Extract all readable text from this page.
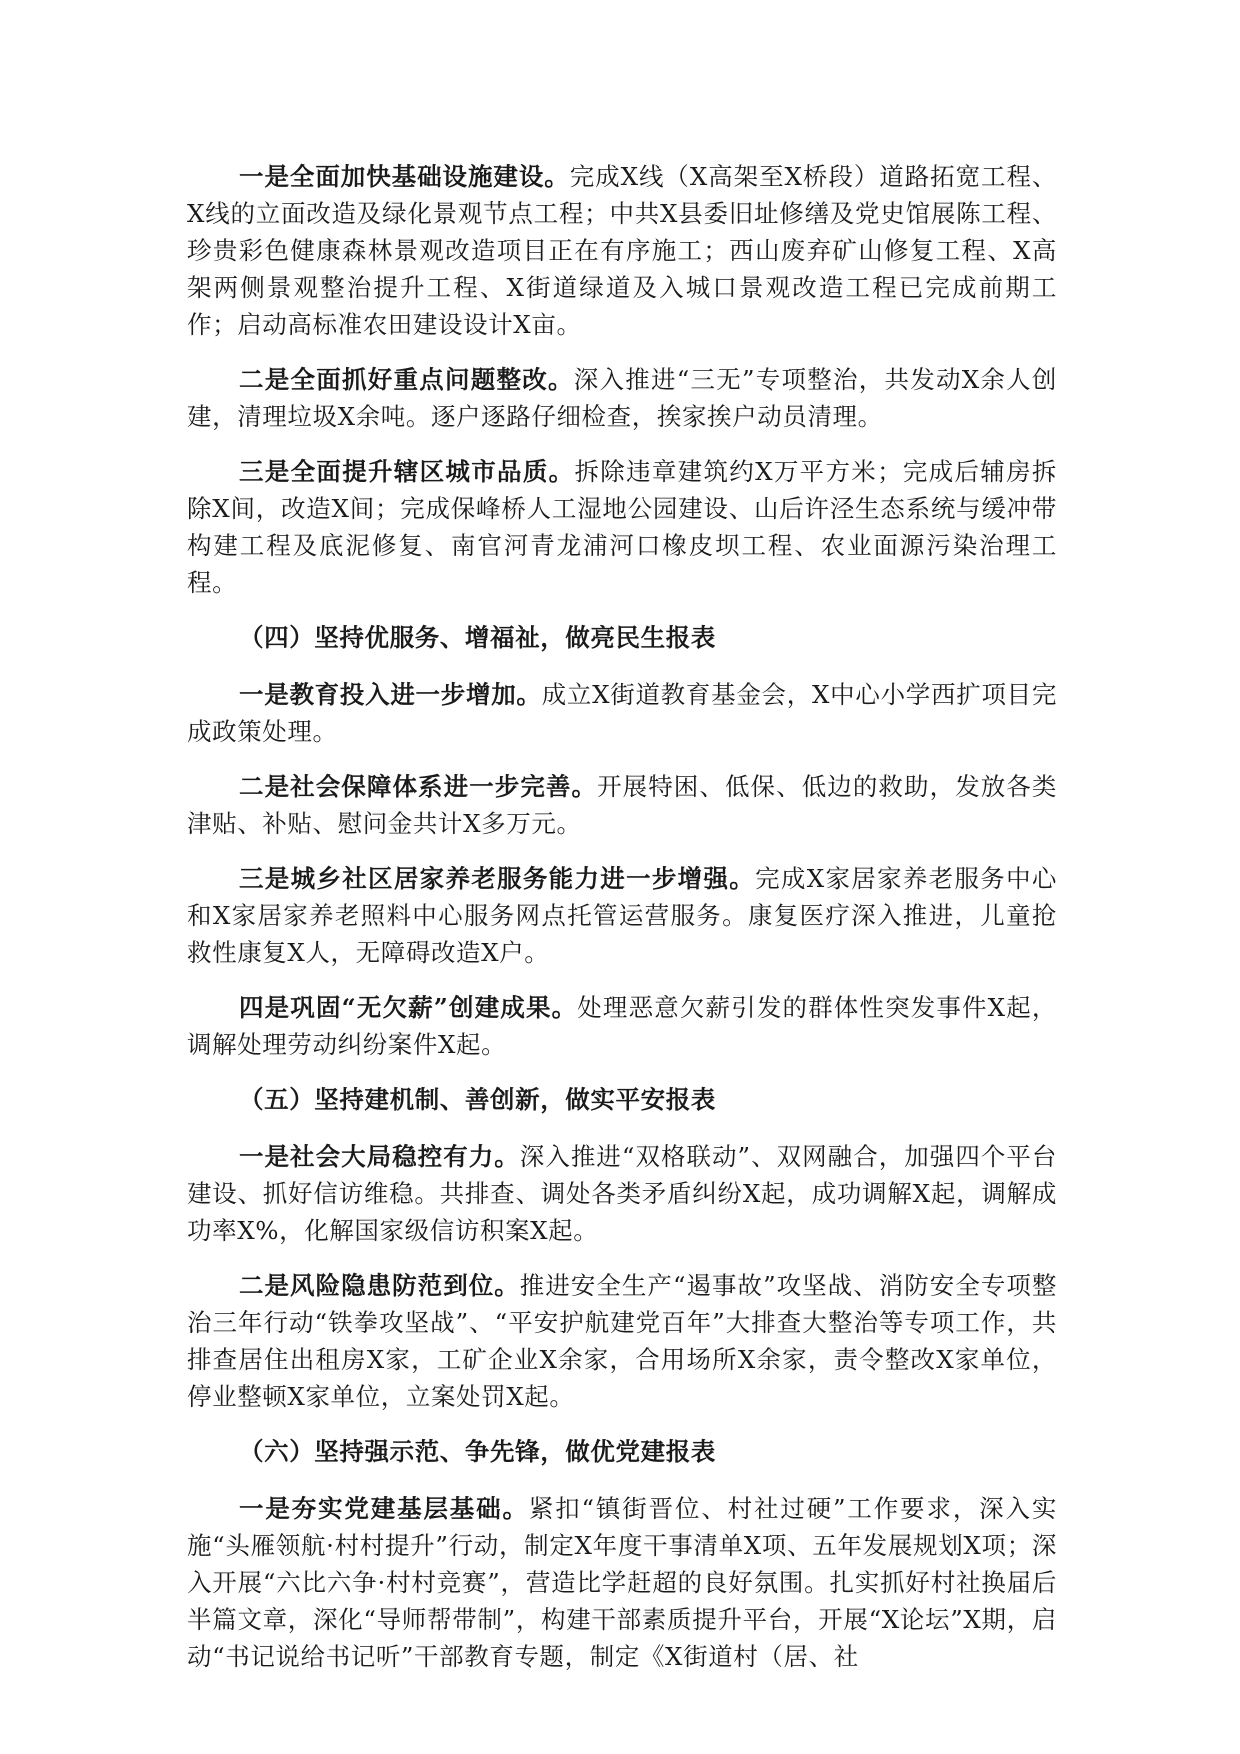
一是全面加快基础设施建设。完成X线（X高架至X桥段）道路拓宽工程、X线的立面改造及绿化景观节点工程；中共X县委旧址修缮及党史馆展陈工程、珍贵彩色健康森林景观改造项目正在有序施工；西山废弃矿山修复工程、X高架两侧景观整治提升工程、X街道绿道及入城口景观改造工程已完成前期工作；启动高标准农田建设设计X亩。

二是全面抓好重点问题整改。深入推进“三无”专项整治，共发动X余人创建，清理垃圾X余吨。逐户逐路仔细检查，挨家挨户动员清理。

三是全面提升辖区城市品质。拆除违章建筑约X万平方米；完成后辅房拆除X间，改造X间；完成保峰桥人工湿地公园建设、山后许泾生态系统与缓冲带构建工程及底泥修复、南官河青龙浦河口橡皮坝工程、农业面源污染治理工程。

（四）坚持优服务、增福祉，做亮民生报表

一是教育投入进一步增加。成立X街道教育基金会，X中心小学西扩项目完成政策处理。

二是社会保障体系进一步完善。开展特困、低保、低边的救助，发放各类津贴、补贴、慰问金共计X多万元。

三是城乡社区居家养老服务能力进一步增强。完成X家居家养老服务中心和X家居家养老照料中心服务网点托管运营服务。康复医疗深入推进，儿童抢救性康复X人，无障碍改造X户。

四是巩固“无欠薪”创建成果。处理恶意欠薪引发的群体性突发事件X起，调解处理劳动纠纷案件X起。

（五）坚持建机制、善创新，做实平安报表

一是社会大局稳控有力。深入推进“双格联动”、双网融合，加强四个平台建设、抓好信访维稳。共排查、调处各类矛盾纠纷X起，成功调解X起，调解成功率X%，化解国家级信访积案X起。

二是风险隐患防范到位。推进安全生产“遏事故”攻坚战、消防安全专项整治三年行动“铁拳攻坚战”、“平安护航建党百年”大排查大整治等专项工作，共排查居住出租房X家，工矿企业X余家，合用场所X余家，责令整改X家单位，停业整顿X家单位，立案处罚X起。

（六）坚持强示范、争先锋，做优党建报表

一是夯实党建基层基础。紧扣“镇街晋位、村社过硬”工作要求，深入实施“头雁领航·村村提升”行动，制定X年度干事清单X项、五年发展规划X项；深入开展“六比六争·村村竞赛”，营造比学赶超的良好氛围。扎实抓好村社换届后半篇文章，深化“导师帮带制”，构建干部素质提升平台，开展“X论坛”X期，启动“书记说给书记听”干部教育专题，制定《X街道村（居、社
